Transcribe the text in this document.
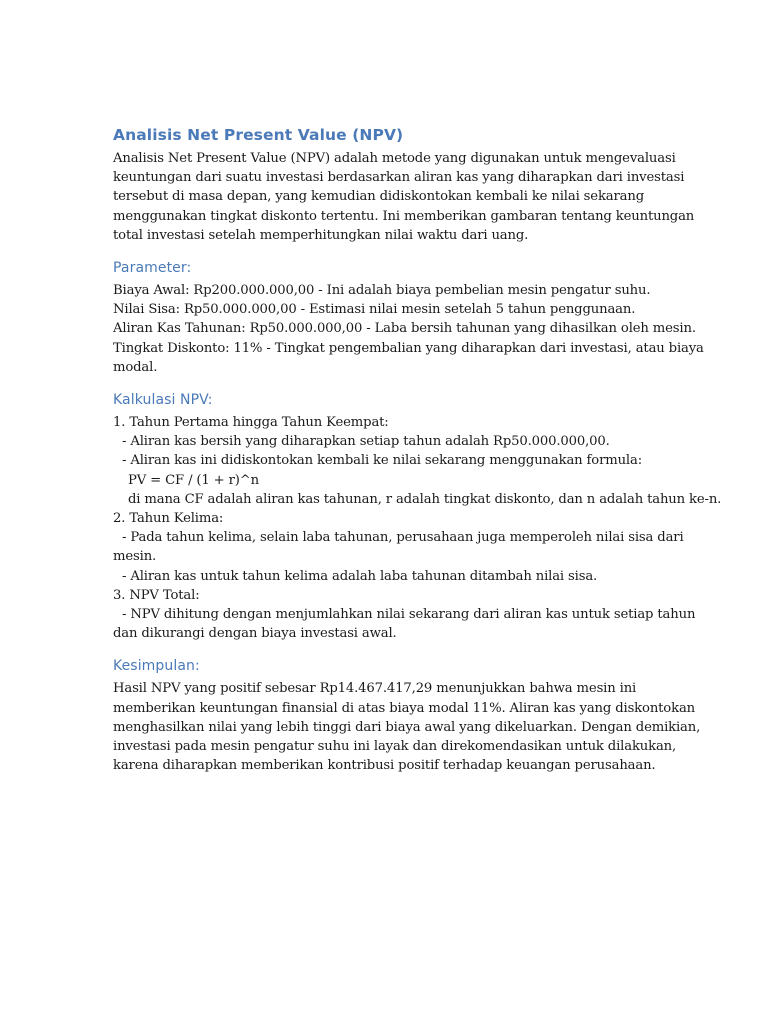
Analisis Net Present Value (NPV)
Analisis Net Present Value (NPV) adalah metode yang digunakan untuk mengevaluasi
keuntungan dari suatu investasi berdasarkan aliran kas yang diharapkan dari investasi
tersebut di masa depan, yang kemudian didiskontokan kembali ke nilai sekarang
menggunakan tingkat diskonto tertentu. Ini memberikan gambaran tentang keuntungan
total investasi setelah memperhitungkan nilai waktu dari uang.
Parameter:
Biaya Awal: Rp200.000.000,00 - Ini adalah biaya pembelian mesin pengatur suhu.
Nilai Sisa: Rp50.000.000,00 - Estimasi nilai mesin setelah 5 tahun penggunaan.
Aliran Kas Tahunan: Rp50.000.000,00 - Laba bersih tahunan yang dihasilkan oleh mesin.
Tingkat Diskonto: 11% - Tingkat pengembalian yang diharapkan dari investasi, atau biaya
modal.
Kalkulasi NPV:
1. Tahun Pertama hingga Tahun Keempat:
- Aliran kas bersih yang diharapkan setiap tahun adalah Rp50.000.000,00.
- Aliran kas ini didiskontokan kembali ke nilai sekarang menggunakan formula:
PV = CF / (1 + r)^n
di mana CF adalah aliran kas tahunan, r adalah tingkat diskonto, dan n adalah tahun ke-n.
2. Tahun Kelima:
- Pada tahun kelima, selain laba tahunan, perusahaan juga memperoleh nilai sisa dari
mesin.
- Aliran kas untuk tahun kelima adalah laba tahunan ditambah nilai sisa.
3. NPV Total:
- NPV dihitung dengan menjumlahkan nilai sekarang dari aliran kas untuk setiap tahun
dan dikurangi dengan biaya investasi awal.
Kesimpulan:
Hasil NPV yang positif sebesar Rp14.467.417,29 menunjukkan bahwa mesin ini
memberikan keuntungan finansial di atas biaya modal 11%. Aliran kas yang diskontokan
menghasilkan nilai yang lebih tinggi dari biaya awal yang dikeluarkan. Dengan demikian,
investasi pada mesin pengatur suhu ini layak dan direkomendasikan untuk dilakukan,
karena diharapkan memberikan kontribusi positif terhadap keuangan perusahaan.
